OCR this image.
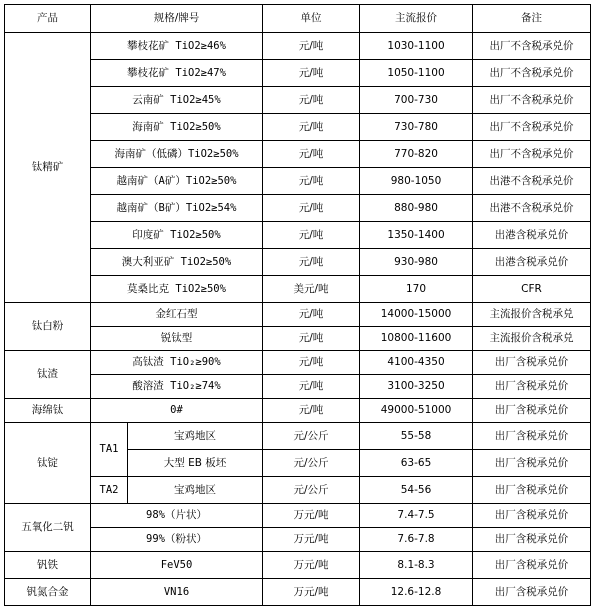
产品	规格/牌号		单位	主流报价	备注
钛精矿	攀枝花矿 TiO2≥46%		元/吨	1030-1100	出厂不含税承兑价
	攀枝花矿 TiO2≥47%		元/吨	1050-1100	出厂不含税承兑价
	云南矿 TiO2≥45%		元/吨	700-730	出厂不含税承兑价
	海南矿 TiO2≥50%		元/吨	730-780	出厂不含税承兑价
	海南矿（低磷）TiO2≥50%		元/吨	770-820	出厂不含税承兑价
	越南矿（A矿）TiO2≥50%		元/吨	980-1050	出港不含税承兑价
	越南矿（B矿）TiO2≥54%		元/吨	880-980	出港不含税承兑价
	印度矿 TiO2≥50%		元/吨	1350-1400	出港含税承兑价
	澳大利亚矿 TiO2≥50%		元/吨	930-980	出港含税承兑价
	莫桑比克 TiO2≥50%		美元/吨	170	CFR
钛白粉	金红石型		元/吨	14000-15000	主流报价含税承兑
	锐钛型		元/吨	10800-11600	主流报价含税承兑
钛渣	高钛渣 TiO₂≥90%		元/吨	4100-4350	出厂含税承兑价
	酸溶渣 TiO₂≥74%		元/吨	3100-3250	出厂含税承兑价
海绵钛	0#		元/吨	49000-51000	出厂含税承兑价
钛锭	TA1	宝鸡地区	元/公斤	55-58	出厂含税承兑价
		大型 EB 板坯	元/公斤	63-65	出厂含税承兑价
	TA2	宝鸡地区	元/公斤	54-56	出厂含税承兑价
五氧化二钒	98%（片状）		万元/吨	7.4-7.5	出厂含税承兑价
	99%（粉状）		万元/吨	7.6-7.8	出厂含税承兑价
钒铁	FeV50		万元/吨	8.1-8.3	出厂含税承兑价
钒氮合金	VN16		万元/吨	12.6-12.8	出厂含税承兑价
